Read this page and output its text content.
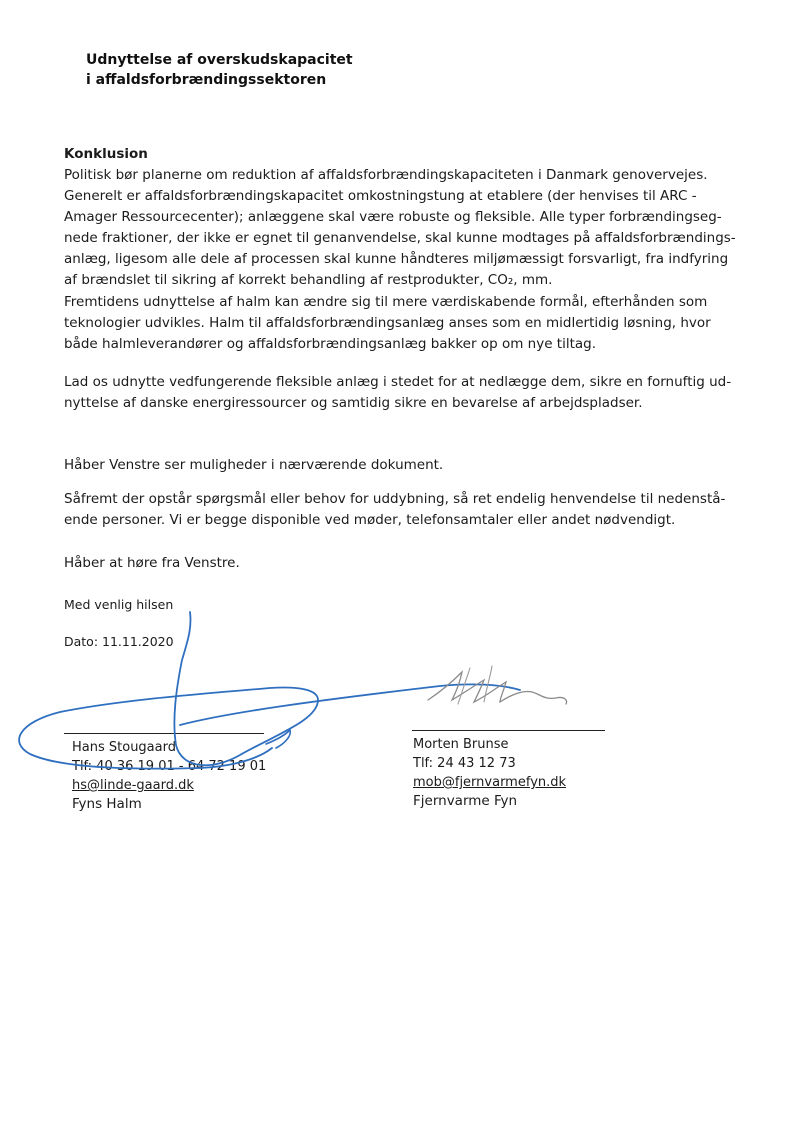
Udnyttelse af overskudskapacitet
i affaldsforbrændingssektoren
Konklusion
Politisk bør planerne om reduktion af affaldsforbrændingskapaciteten i Danmark genovervejes.
Generelt er affaldsforbrændingskapacitet omkostningstung at etablere (der henvises til ARC -
Amager Ressourcecenter); anlæggene skal være robuste og fleksible. Alle typer forbrændingseg-
nede fraktioner, der ikke er egnet til genanvendelse, skal kunne modtages på affaldsforbrændings-
anlæg, ligesom alle dele af processen skal kunne håndteres miljømæssigt forsvarligt, fra indfyring
af brændslet til sikring af korrekt behandling af restprodukter, CO₂, mm.
Fremtidens udnyttelse af halm kan ændre sig til mere værdiskabende formål, efterhånden som
teknologier udvikles. Halm til affaldsforbrændingsanlæg anses som en midlertidig løsning, hvor
både halmleverandører og affaldsforbrændingsanlæg bakker op om nye tiltag.
Lad os udnytte vedfungerende fleksible anlæg i stedet for at nedlægge dem, sikre en fornuftig ud-
nyttelse af danske energiressourcer og samtidig sikre en bevarelse af arbejdspladser.
Håber Venstre ser muligheder i nærværende dokument.
Såfremt der opstår spørgsmål eller behov for uddybning, så ret endelig henvendelse til nedenstå-
ende personer. Vi er begge disponible ved møder, telefonsamtaler eller andet nødvendigt.
Håber at høre fra Venstre.
Med venlig hilsen
Dato: 11.11.2020
Hans Stougaard
Tlf: 40 36 19 01 - 64 72 19 01
hs@linde-gaard.dk
Fyns Halm
Morten Brunse
Tlf: 24 43 12 73
mob@fjernvarmefyn.dk
Fjernvarme Fyn
